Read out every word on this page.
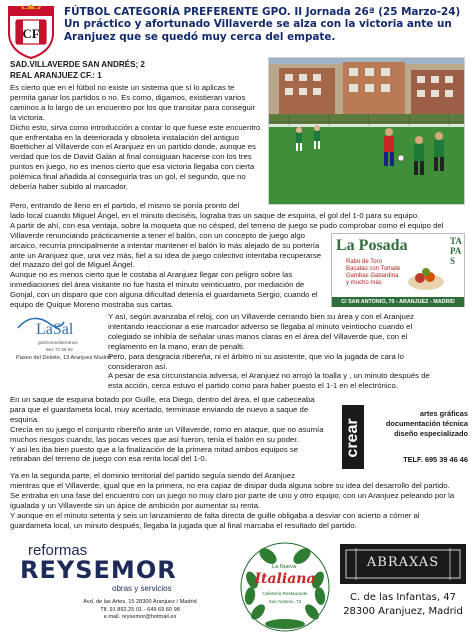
CF
FÚTBOL CATEGORÍA PREFERENTE GPO. II Jornada 26ª (25 Marzo-24)
Un práctico y afortunado Villaverde se alza con la victoria ante un
Aranjuez que se quedó muy cerca del empate.
SAD.VILLAVERDE SAN ANDRÉS; 2
REAL ARANJUEZ CF.: 1
Es cierto que en el fútbol no existe un sistema que sí lo aplicas te
permita ganar los partidos o no. Es como, digamos, existieran varios
caminos a lo largo de un encuentro por los que transitar para conseguir
la victoria.
Dicho esto, sirva como introducción a contar lo que fuese este encuentro
que enfrentaba en la deteriorada y obsoleta instalación del antiguo
Boetticher al Villaverde con el Aranjuez en un partido donde, aunque es
verdad que los de David Galán al final consiguian hacerse con los tres
puntos en juego, no es menos cierto que esa victoria llegaba con cierta
polémica final añadida al conseguirla tras un gol, el segundo, que no
debería haber subido al marcador.
Pero, entrando de lleno en el partido, el mismo se ponía pronto del
lado local cuando Miguel Ángel, en el minuto dieciséis, lograba tras un saque de esquina, el gol del 1-0 para su equipo.
A partir de ahí, con esa ventaja, sobre la moqueta que no césped, del terreno de juego se pudo comprobar como el equipo del
Villaverde renunciando prácticamente a tener el balón, con un concepto de juego algo
arcaico, recurría principalmente a intentar mantener el balón lo más alejado de su portería
ante un Aranjuez que, una vez más, fiel a su idea de juego colectivo intentaba recuperarse
del mazazo del gol de Miguel Ángel.
Aunque no es menos cierto que le costaba al Aranjuez llegar con peligro sobre las
inmediaciones del área visitante no fue hasta el minuto veinticuatro, por mediación de
Gonjal, con un disparo que con alguna dificultad detenía el guardameta Sergio, cuando el
equipo de Quique Moreno mostraba sus cartas.
La Posada	TAPAS
Rabo de Toro
Bacalao con Tomate
Gambas Gabardina
y mucho más
C/ SAN ANTONIO, 70 - ARANJUEZ - MADRID
LaSal
gastromediterráneo
661 72 65 92
Paseo del Deleite, 13 Aranjuez Madrid
Y así, según avanzaba el reloj, con un Villaverde cerrando bien su área y con el Aranjuez
intentando reaccionar a ese marcador adverso se llegaba al minuto veintiocho cuando el
colegiado se inhibía de señalar unas manos claras en el área del Villaverde que, con el
reglamento en la mano, eran de penalti.
Pero, para desgracia ribereña, ni el árbitro ni su asistente, que vio la jugada de cara lo
consideraron así.
A pesar de esa circunstancia adversa, el Aranjuez no arrojó la toalla y , un minuto después de
esta acción, cerca estuvo el partido como para haber puesto el 1-1 en el electrónico.
En un saque de esquina botado por Guille, era Diego, dentro del área, el que cabeceaba
para que el guardameta local, muy acertado, terminase enviando de nuevo a saque de
esquina.
Crecía en su juego el conjunto ribereño ante un Villaverde, romo en ataque, que no asumía
muchos riesgos cuando, las pocas veces que así fueron, tenía el balón en su poder.
Y así les iba bien puesto que a la finalización de la primera mitad ambos equipos se
retiraban del terreno de juego con esa renta local del 1-0.
crear
artes gráficas
documentación técnica
diseño especializado
TELF. 695 39 46 46
Ya en la segunda parte, el dominio territorial del partido seguía siendo del Aranjuez
mientras que el Villaverde, igual que en la primera, no era capaz de disipar duda alguna sobre su idea del desarrollo del partido.
Se entraba en una fase del encuentro con un juego no muy claro por parte de uno y otro equipo; con un Aranjuez peleando por la
igualada y un Villaverde sin un ápice de ambición por aumentar su renta.
Y aunque en el minuto setenta y seis un lanzamiento de falta directa de guille obligaba a desviar con acierto a córner al
guardameta local, un minuto después, llegaba la jugada que al final marcaba el resultado del partido.
reformas
REYSEMOR
obras y servicios
Avd. de las Artes, 15 28300 Aranjuez / Madrid
Tlf. 91 892.25 01 - 649 69 60 98
e.mail. reysemor@hotmail.es
La Nueva
Italiana
Cafetería Restaurante
San Antonio, 72
ABRAXAS
C. de las Infantas, 47
28300 Aranjuez, Madrid
